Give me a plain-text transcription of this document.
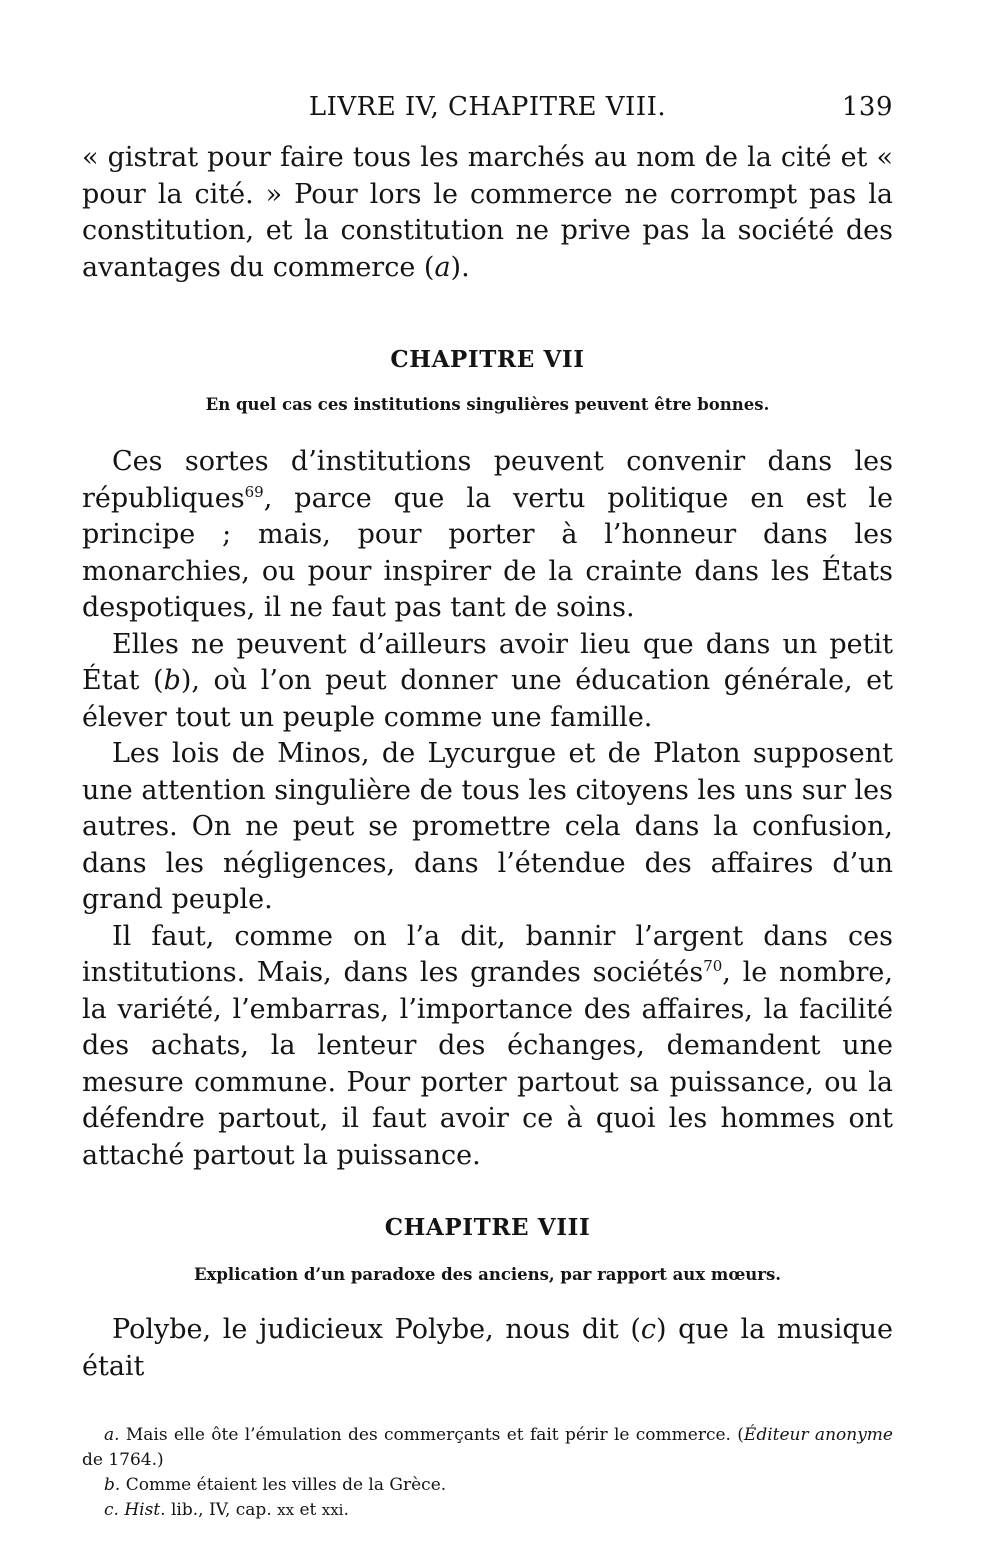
LIVRE IV, CHAPITRE VIII.	139

« gistrat pour faire tous les marchés au nom de la cité et « pour la cité. » Pour lors le commerce ne corrompt pas la constitution, et la constitution ne prive pas la société des avantages du commerce (a).

CHAPITRE VII

En quel cas ces institutions singulières peuvent être bonnes.

Ces sortes d’institutions peuvent convenir dans les républiques$^{69}$, parce que la vertu politique en est le principe ; mais, pour porter à l’honneur dans les monarchies, ou pour inspirer de la crainte dans les États despotiques, il ne faut pas tant de soins.

Elles ne peuvent d’ailleurs avoir lieu que dans un petit État (b), où l’on peut donner une éducation générale, et élever tout un peuple comme une famille.

Les lois de Minos, de Lycurgue et de Platon supposent une attention singulière de tous les citoyens les uns sur les autres. On ne peut se promettre cela dans la confusion, dans les négligences, dans l’étendue des affaires d’un grand peuple.

Il faut, comme on l’a dit, bannir l’argent dans ces institutions. Mais, dans les grandes sociétés$^{70}$, le nombre, la variété, l’embarras, l’importance des affaires, la facilité des achats, la lenteur des échanges, demandent une mesure commune. Pour porter partout sa puissance, ou la défendre partout, il faut avoir ce à quoi les hommes ont attaché partout la puissance.

CHAPITRE VIII

Explication d’un paradoxe des anciens, par rapport aux mœurs.

Polybe, le judicieux Polybe, nous dit (c) que la musique était

a. Mais elle ôte l’émulation des commerçants et fait périr le commerce. (Éditeur anonyme de 1764.)

b. Comme étaient les villes de la Grèce.

c. Hist. lib., IV, cap. xx et xxi.
